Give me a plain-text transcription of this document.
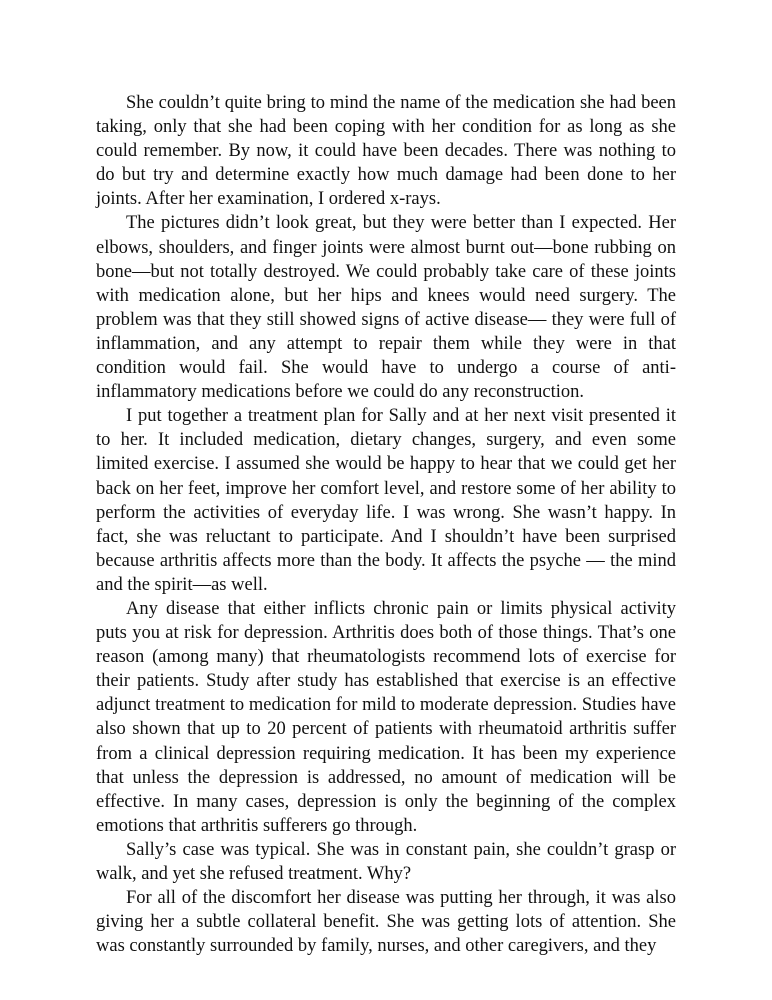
She couldn’t quite bring to mind the name of the medication she had been taking, only that she had been coping with her condition for as long as she could remember. By now, it could have been decades. There was nothing to do but try and determine exactly how much damage had been done to her joints. After her examination, I ordered x-rays.

The pictures didn’t look great, but they were better than I expected. Her elbows, shoulders, and finger joints were almost burnt out—bone rubbing on bone—but not totally destroyed. We could probably take care of these joints with medication alone, but her hips and knees would need surgery. The problem was that they still showed signs of active disease— they were full of inflammation, and any attempt to repair them while they were in that condition would fail. She would have to undergo a course of anti-inflammatory medications before we could do any reconstruction.

I put together a treatment plan for Sally and at her next visit presented it to her. It included medication, dietary changes, surgery, and even some limited exercise. I assumed she would be happy to hear that we could get her back on her feet, improve her comfort level, and restore some of her ability to perform the activities of everyday life. I was wrong. She wasn’t happy. In fact, she was reluctant to participate. And I shouldn’t have been surprised because arthritis affects more than the body. It affects the psyche — the mind and the spirit—as well.

Any disease that either inflicts chronic pain or limits physical activity puts you at risk for depression. Arthritis does both of those things. That’s one reason (among many) that rheumatologists recommend lots of exercise for their patients. Study after study has established that exercise is an effective adjunct treatment to medication for mild to moderate depression. Studies have also shown that up to 20 percent of patients with rheumatoid arthritis suffer from a clinical depression requiring medication. It has been my experience that unless the depression is addressed, no amount of medication will be effective. In many cases, depression is only the beginning of the complex emotions that arthritis sufferers go through.

Sally’s case was typical. She was in constant pain, she couldn’t grasp or walk, and yet she refused treatment. Why?

For all of the discomfort her disease was putting her through, it was also giving her a subtle collateral benefit. She was getting lots of attention. She was constantly surrounded by family, nurses, and other caregivers, and they
